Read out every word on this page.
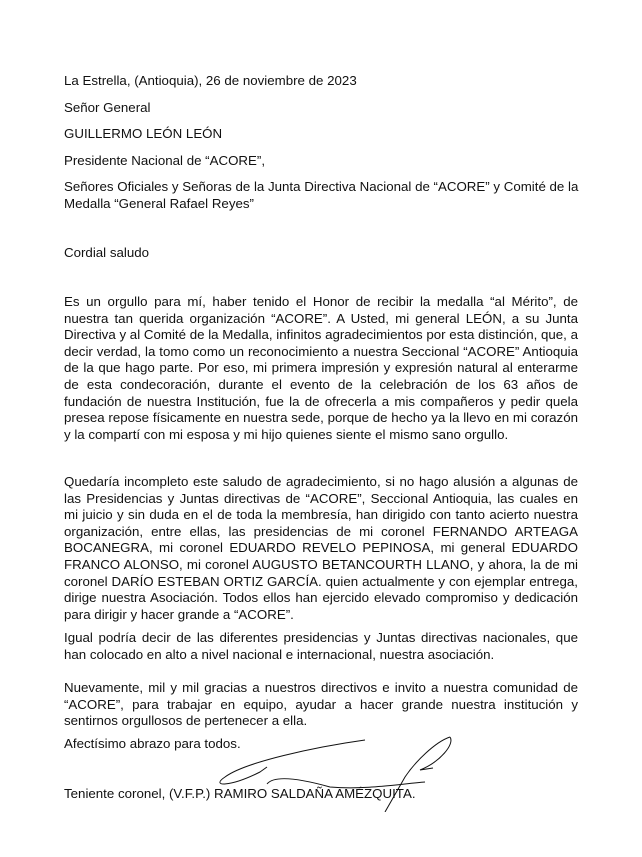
La Estrella, (Antioquia), 26 de noviembre de 2023
Señor General
GUILLERMO LEÓN LEÓN
Presidente Nacional de “ACORE”,
Señores Oficiales y Señoras de la Junta Directiva Nacional de “ACORE” y Comité de la Medalla “General Rafael Reyes”
Cordial saludo
Es un orgullo para mí, haber tenido el Honor de recibir la medalla “al Mérito”, de nuestra tan querida organización “ACORE”. A Usted, mi general LEÓN, a su Junta Directiva y al Comité de la Medalla, infinitos agradecimientos por esta distinción, que, a decir verdad, la tomo como un reconocimiento a nuestra Seccional “ACORE” Antioquia de la que hago parte. Por eso, mi primera impresión y expresión natural al enterarme de esta condecoración, durante el evento de la celebración de los 63 años de fundación de nuestra Institución, fue la de ofrecerla a mis compañeros y pedir quela presea repose físicamente en nuestra sede, porque de hecho ya la llevo en mi corazón y la compartí con mi esposa y mi hijo quienes siente el mismo sano orgullo.
Quedaría incompleto este saludo de agradecimiento, si no hago alusión a algunas de las Presidencias y Juntas directivas de “ACORE”, Seccional Antioquia, las cuales en mi juicio y sin duda en el de toda la membresía, han dirigido con tanto acierto nuestra organización, entre ellas, las presidencias de mi coronel FERNANDO ARTEAGA BOCANEGRA, mi coronel EDUARDO REVELO PEPINOSA, mi general EDUARDO FRANCO ALONSO, mi coronel AUGUSTO BETANCOURTH LLANO, y ahora, la de mi coronel DARÍO ESTEBAN ORTIZ GARCÍA. quien actualmente y con ejemplar entrega, dirige nuestra Asociación. Todos ellos han ejercido elevado compromiso y dedicación para dirigir y hacer grande a “ACORE”.
Igual podría decir de las diferentes presidencias y Juntas directivas nacionales, que han colocado en alto a nivel nacional e internacional, nuestra asociación.
Nuevamente, mil y mil gracias a nuestros directivos e invito a nuestra comunidad de “ACORE”, para trabajar en equipo, ayudar a hacer grande nuestra institución y sentirnos orgullosos de pertenecer a ella.
Afectísimo abrazo para todos.
Teniente coronel, (V.F.P.) RAMIRO SALDAÑA AMÉZQUITA.
